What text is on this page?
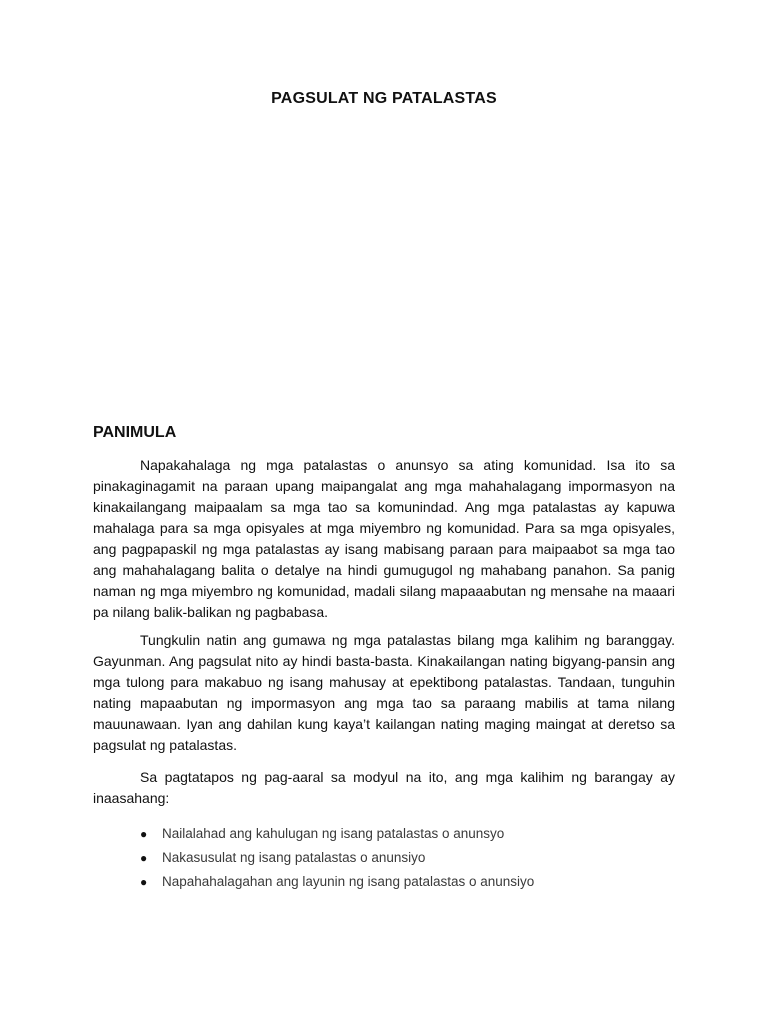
PAGSULAT NG PATALASTAS
PANIMULA

Napakahalaga ng mga patalastas o anunsyo sa ating komunidad. Isa ito sa pinakaginagamit na paraan upang maipangalat ang mga mahahalagang impormasyon na kinakailangang maipaalam sa mga tao sa komunindad. Ang mga patalastas ay kapuwa mahalaga para sa mga opisyales at mga miyembro ng komunidad. Para sa mga opisyales, ang pagpapaskil ng mga patalastas ay isang mabisang paraan para maipaabot sa mga tao ang mahahalagang balita o detalye na hindi gumugugol ng mahabang panahon. Sa panig naman ng mga miyembro ng komunidad, madali silang mapaaabutan ng mensahe na maaari pa nilang balik-balikan ng pagbabasa.

Tungkulin natin ang gumawa ng mga patalastas bilang mga kalihim ng baranggay. Gayunman. Ang pagsulat nito ay hindi basta-basta. Kinakailangan nating bigyang-pansin ang mga tulong para makabuo ng isang mahusay at epektibong patalastas. Tandaan, tunguhin nating mapaabutan ng impormasyon ang mga tao sa paraang mabilis at tama nilang mauunawaan. Iyan ang dahilan kung kaya’t kailangan nating maging maingat at deretso sa pagsulat ng patalastas.

Sa pagtatapos ng pag-aaral sa modyul na ito, ang mga kalihim ng barangay ay inaasahang:

● Nailalahad ang kahulugan ng isang patalastas o anunsyo
● Nakasusulat ng isang patalastas o anunsiyo
● Napahahalagahan ang layunin ng isang patalastas o anunsiyo
